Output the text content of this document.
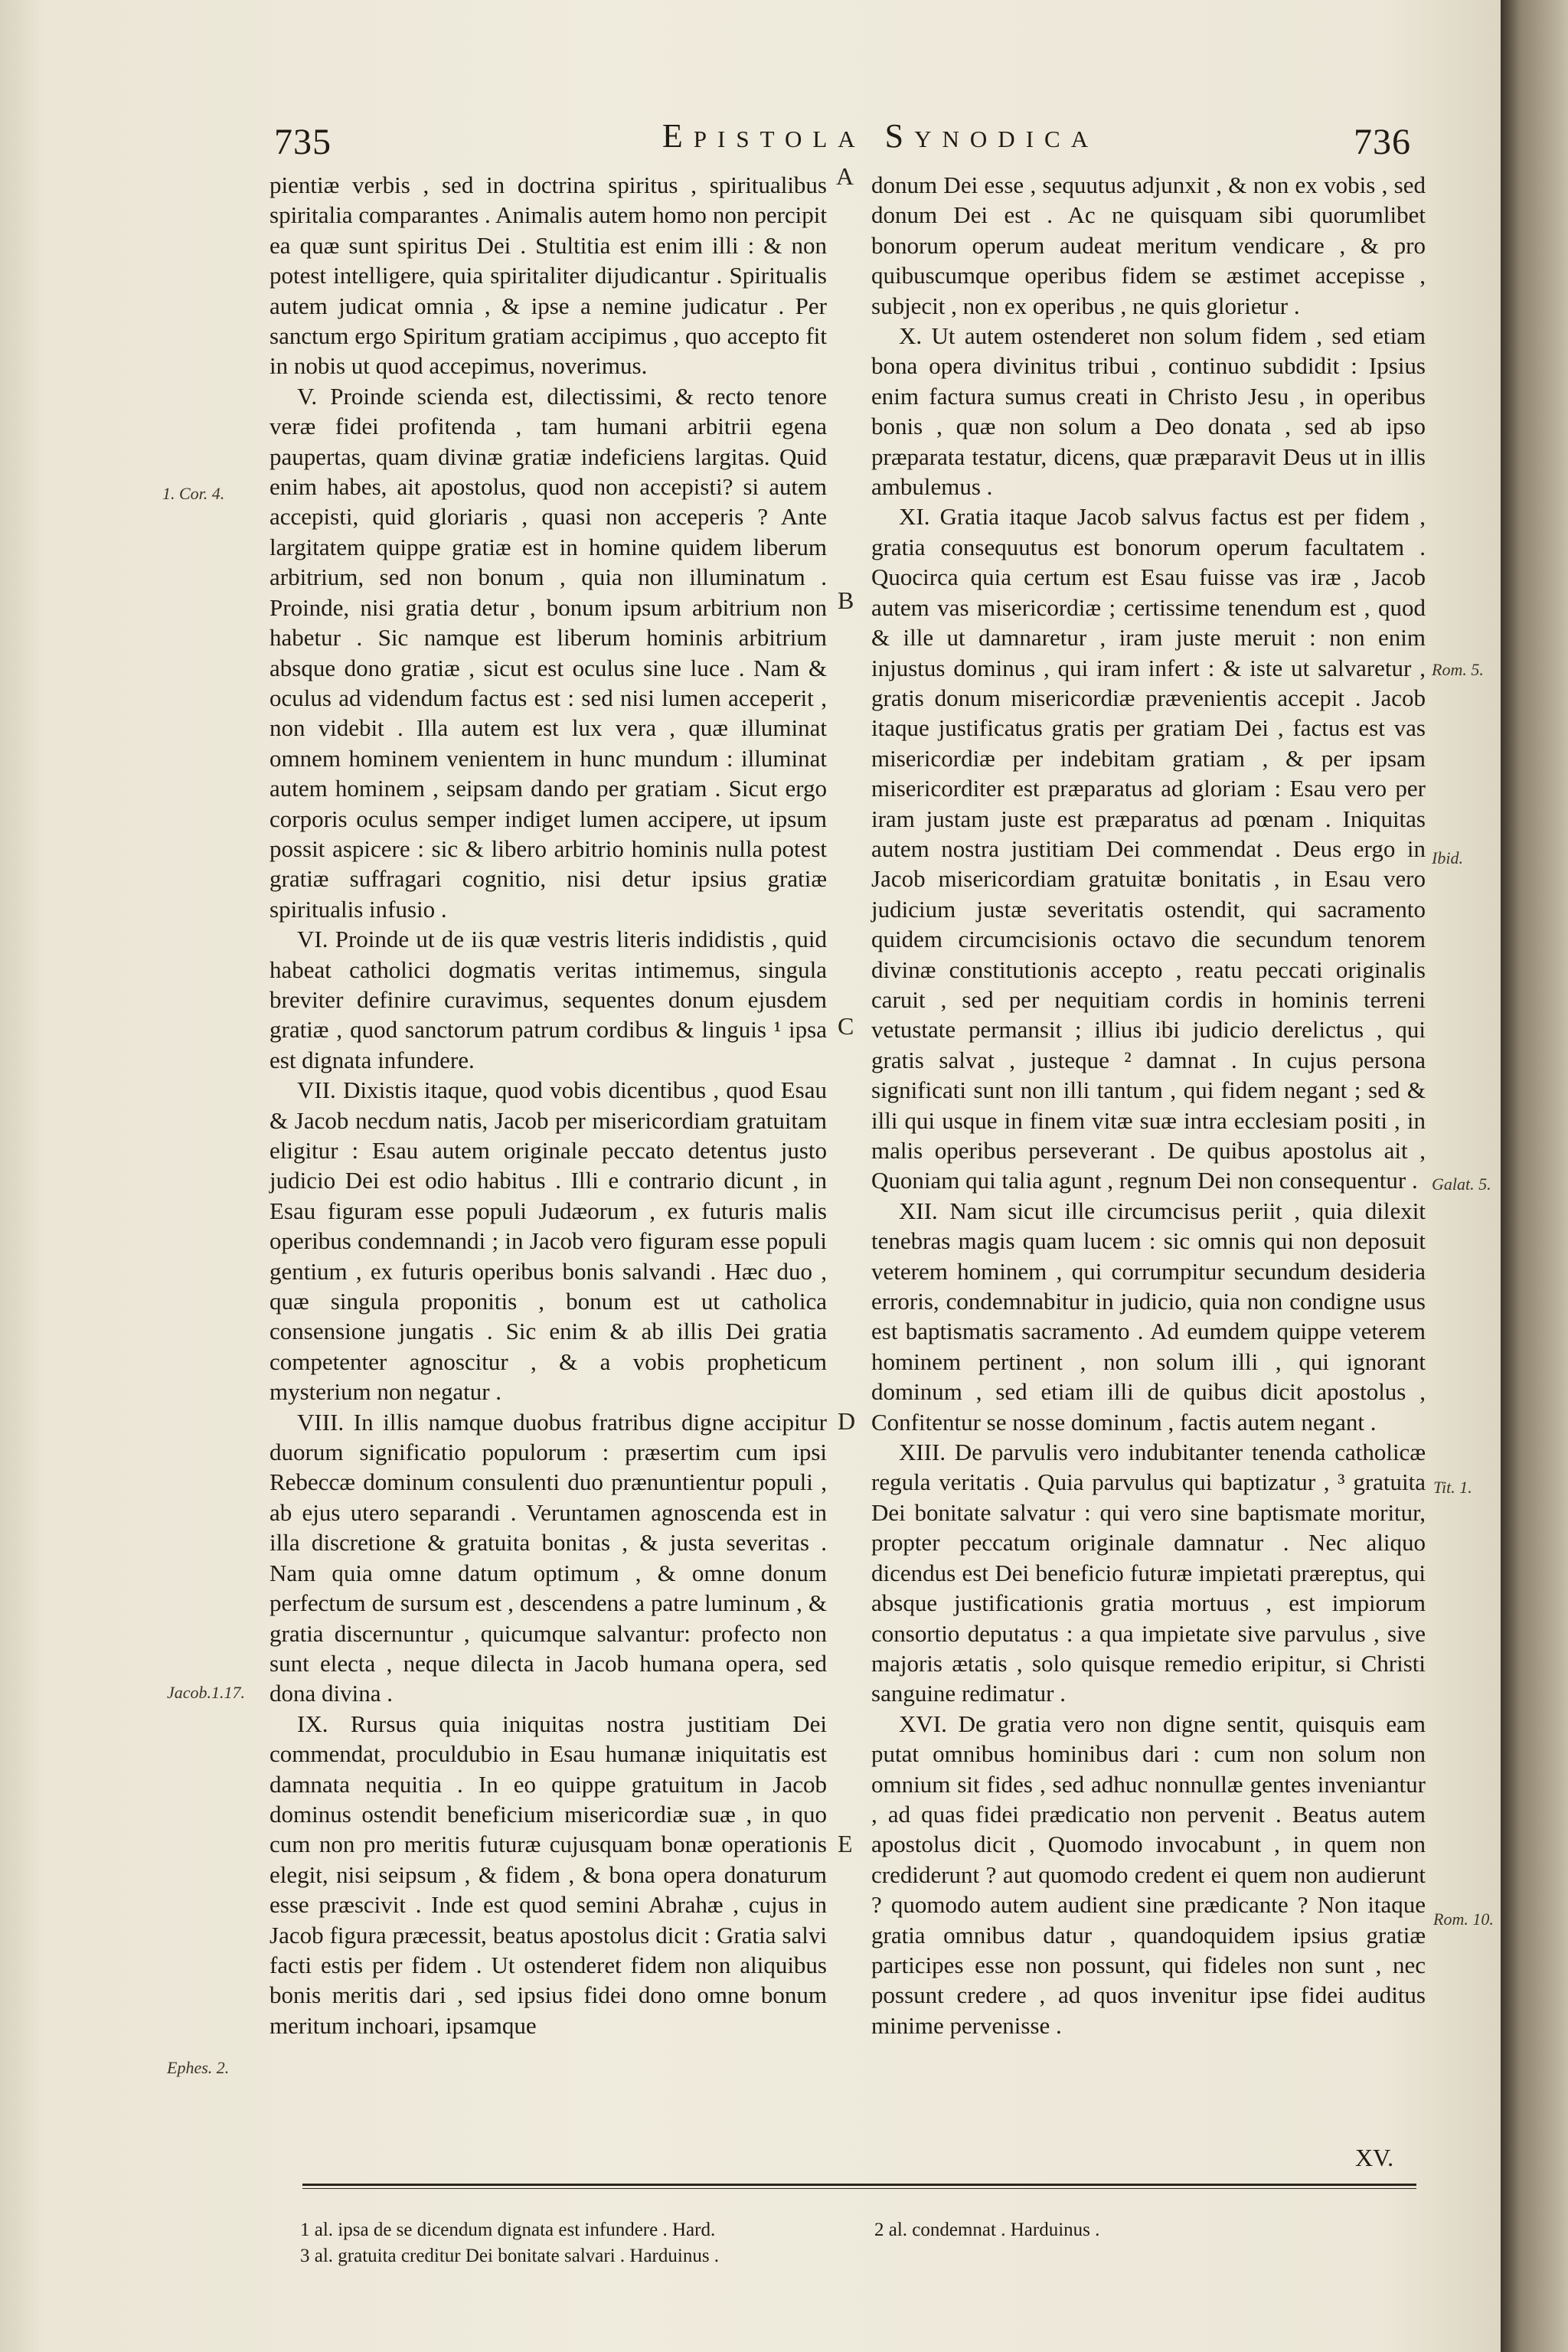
735	Epistola Synodica	736

pientiæ verbis , sed in doctrina spiritus , spiritualibus spiritalia comparantes . Animalis autem homo non percipit ea quæ sunt spiritus Dei . Stultitia est enim illi : & non potest intelligere, quia spiritaliter dijudicantur . Spiritualis autem judicat omnia , & ipse a nemine judicatur . Per sanctum ergo Spiritum gratiam accipimus , quo accepto fit in nobis ut quod accepimus, noverimus.

V. Proinde scienda est, dilectissimi, & recto tenore veræ fidei profitenda , tam humani arbitrii egena paupertas, quam divinæ gratiæ indeficiens largitas. Quid enim habes, ait apostolus, quod non accepisti? si autem accepisti, quid gloriaris , quasi non acceperis ? Ante largitatem quippe gratiæ est in homine quidem liberum arbitrium, sed non bonum , quia non illuminatum . Proinde, nisi gratia detur , bonum ipsum arbitrium non habetur . Sic namque est liberum hominis arbitrium absque dono gratiæ , sicut est oculus sine luce . Nam & oculus ad videndum factus est : sed nisi lumen acceperit , non videbit . Illa autem est lux vera , quæ illuminat omnem hominem venientem in hunc mundum : illuminat autem hominem , seipsam dando per gratiam . Sicut ergo corporis oculus semper indiget lumen accipere, ut ipsum possit aspicere : sic & libero arbitrio hominis nulla potest gratiæ suffragari cognitio, nisi detur ipsius gratiæ spiritualis infusio .

VI. Proinde ut de iis quæ vestris literis indidistis , quid habeat catholici dogmatis veritas intimemus, singula breviter definire curavimus, sequentes donum ejusdem gratiæ , quod sanctorum patrum cordibus & linguis ¹ ipsa est dignata infundere.

VII. Dixistis itaque, quod vobis dicentibus , quod Esau & Jacob necdum natis, Jacob per misericordiam gratuitam eligitur : Esau autem originale peccato detentus justo judicio Dei est odio habitus . Illi e contrario dicunt , in Esau figuram esse populi Judæorum , ex futuris malis operibus condemnandi ; in Jacob vero figuram esse populi gentium , ex futuris operibus bonis salvandi . Hæc duo , quæ singula proponitis , bonum est ut catholica consensione jungatis . Sic enim & ab illis Dei gratia competenter agnoscitur , & a vobis propheticum mysterium non negatur .

VIII. In illis namque duobus fratribus digne accipitur duorum significatio populorum : præsertim cum ipsi Rebeccæ dominum consulenti duo prænuntientur populi , ab ejus utero separandi . Veruntamen agnoscenda est in illa discretione & gratuita bonitas , & justa severitas . Nam quia omne datum optimum , & omne donum perfectum de sursum est , descendens a patre luminum , & gratia discernuntur , quicumque salvantur: profecto non sunt electa , neque dilecta in Jacob humana opera, sed dona divina .

IX. Rursus quia iniquitas nostra justitiam Dei commendat, proculdubio in Esau humanæ iniquitatis est damnata nequitia . In eo quippe gratuitum in Jacob dominus ostendit beneficium misericordiæ suæ , in quo cum non pro meritis futuræ cujusquam bonæ operationis elegit, nisi seipsum , & fidem , & bona opera donaturum esse præscivit . Inde est quod semini Abrahæ , cujus in Jacob figura præcessit, beatus apostolus dicit : Gratia salvi facti estis per fidem . Ut ostenderet fidem non aliquibus bonis meritis dari , sed ipsius fidei dono omne bonum meritum inchoari, ipsamque

donum Dei esse , sequutus adjunxit , & non ex vobis , sed donum Dei est . Ac ne quisquam sibi quorumlibet bonorum operum audeat meritum vendicare , & pro quibuscumque operibus fidem se æstimet accepisse , subjecit , non ex operibus , ne quis glorietur .

X. Ut autem ostenderet non solum fidem , sed etiam bona opera divinitus tribui , continuo subdidit : Ipsius enim factura sumus creati in Christo Jesu , in operibus bonis , quæ non solum a Deo donata , sed ab ipso præparata testatur, dicens, quæ præparavit Deus ut in illis ambulemus .

XI. Gratia itaque Jacob salvus factus est per fidem , gratia consequutus est bonorum operum facultatem . Quocirca quia certum est Esau fuisse vas iræ , Jacob autem vas misericordiæ ; certissime tenendum est , quod & ille ut damnaretur , iram juste meruit : non enim injustus dominus , qui iram infert : & iste ut salvaretur , gratis donum misericordiæ prævenientis accepit . Jacob itaque justificatus gratis per gratiam Dei , factus est vas misericordiæ per indebitam gratiam , & per ipsam misericorditer est præparatus ad gloriam : Esau vero per iram justam juste est præparatus ad pœnam . Iniquitas autem nostra justitiam Dei commendat . Deus ergo in Jacob misericordiam gratuitæ bonitatis , in Esau vero judicium justæ severitatis ostendit, qui sacramento quidem circumcisionis octavo die secundum tenorem divinæ constitutionis accepto , reatu peccati originalis caruit , sed per nequitiam cordis in hominis terreni vetustate permansit ; illius ibi judicio derelictus , qui gratis salvat , justeque ² damnat . In cujus persona significati sunt non illi tantum , qui fidem negant ; sed & illi qui usque in finem vitæ suæ intra ecclesiam positi , in malis operibus perseverant . De quibus apostolus ait , Quoniam qui talia agunt , regnum Dei non consequentur .

XII. Nam sicut ille circumcisus periit , quia dilexit tenebras magis quam lucem : sic omnis qui non deposuit veterem hominem , qui corrumpitur secundum desideria erroris, condemnabitur in judicio, quia non condigne usus est baptismatis sacramento . Ad eumdem quippe veterem hominem pertinent , non solum illi , qui ignorant dominum , sed etiam illi de quibus dicit apostolus , Confitentur se nosse dominum , factis autem negant .

XIII. De parvulis vero indubitanter tenenda catholicæ regula veritatis . Quia parvulus qui baptizatur , ³ gratuita Dei bonitate salvatur : qui vero sine baptismate moritur, propter peccatum originale damnatur . Nec aliquo dicendus est Dei beneficio futuræ impietati præreptus, qui absque justificationis gratia mortuus , est impiorum consortio deputatus : a qua impietate sive parvulus , sive majoris ætatis , solo quisque remedio eripitur, si Christi sanguine redimatur .

XVI. De gratia vero non digne sentit, quisquis eam putat omnibus hominibus dari : cum non solum non omnium sit fides , sed adhuc nonnullæ gentes inveniantur , ad quas fidei prædicatio non pervenit . Beatus autem apostolus dicit , Quomodo invocabunt , in quem non crediderunt ? aut quomodo credent ei quem non audierunt ? quomodo autem audient sine prædicante ? Non itaque gratia omnibus datur , quandoquidem ipsius gratiæ participes esse non possunt, qui fideles non sunt , nec possunt credere , ad quos invenitur ipse fidei auditus minime pervenisse .

A
B
C
D
E
1. Cor. 4.
Jacob.1.17.
Ephes. 2.
Rom. 5.
Ibid.
Galat. 5.
Tit. 1.
Rom. 10.
XV.
1 al. ipsa de se dicendum dignata est infundere . Hard.	2 al. condemnat . Harduinus .
3 al. gratuita creditur Dei bonitate salvari . Harduinus .
